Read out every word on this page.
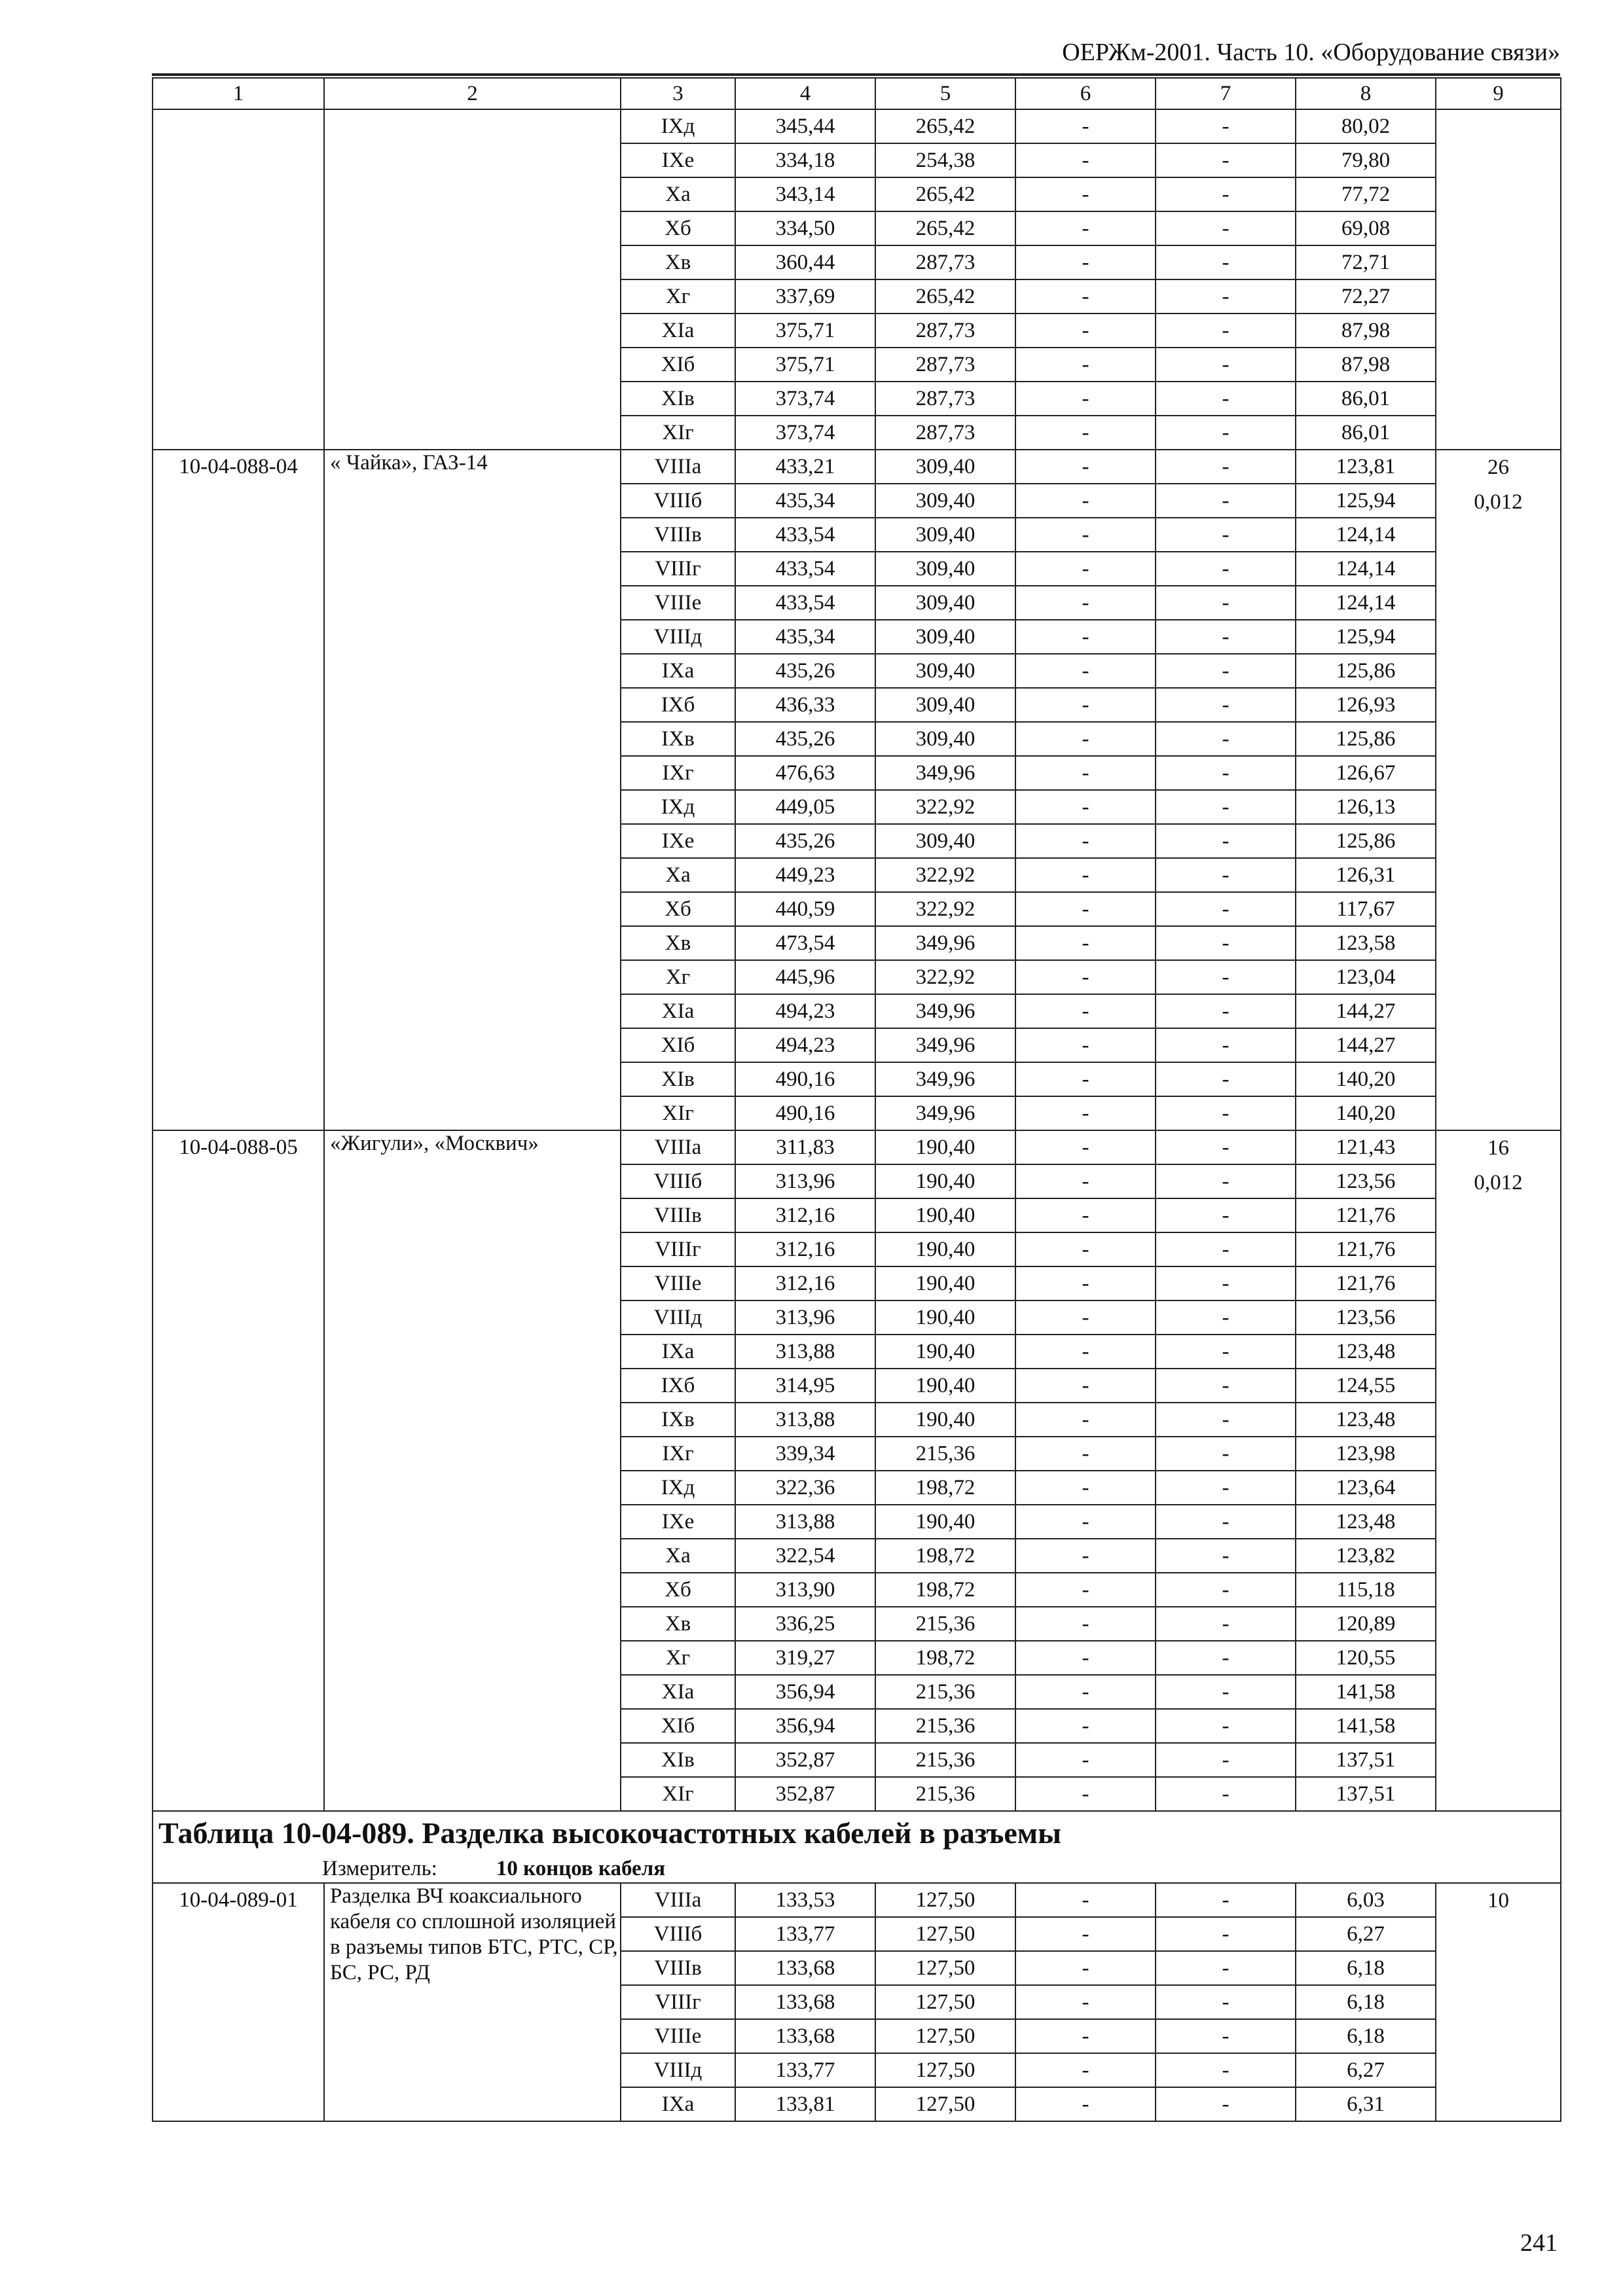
ОЕРЖм-2001. Часть 10. «Оборудование связи»
1	2	3	4	5	6	7	8	9
		IXд	345,44	265,42	-	-	80,02	
		IXе	334,18	254,38	-	-	79,80	
		Xа	343,14	265,42	-	-	77,72	
		Xб	334,50	265,42	-	-	69,08	
		Xв	360,44	287,73	-	-	72,71	
		Xг	337,69	265,42	-	-	72,27	
		XIа	375,71	287,73	-	-	87,98	
		XIб	375,71	287,73	-	-	87,98	
		XIв	373,74	287,73	-	-	86,01	
		XIг	373,74	287,73	-	-	86,01	
10-04-088-04	« Чайка», ГАЗ-14	VIIIа	433,21	309,40	-	-	123,81	26
0,012

		VIIIб	435,34	309,40	-	-	125,94	
		VIIIв	433,54	309,40	-	-	124,14	
		VIIIг	433,54	309,40	-	-	124,14	
		VIIIе	433,54	309,40	-	-	124,14	
		VIIIд	435,34	309,40	-	-	125,94	
		IXа	435,26	309,40	-	-	125,86	
		IXб	436,33	309,40	-	-	126,93	
		IXв	435,26	309,40	-	-	125,86	
		IXг	476,63	349,96	-	-	126,67	
		IXд	449,05	322,92	-	-	126,13	
		IXе	435,26	309,40	-	-	125,86	
		Xа	449,23	322,92	-	-	126,31	
		Xб	440,59	322,92	-	-	117,67	
		Xв	473,54	349,96	-	-	123,58	
		Xг	445,96	322,92	-	-	123,04	
		XIа	494,23	349,96	-	-	144,27	
		XIб	494,23	349,96	-	-	144,27	
		XIв	490,16	349,96	-	-	140,20	
		XIг	490,16	349,96	-	-	140,20	
10-04-088-05	«Жигули», «Москвич»	VIIIа	311,83	190,40	-	-	121,43	16
0,012

		VIIIб	313,96	190,40	-	-	123,56	
		VIIIв	312,16	190,40	-	-	121,76	
		VIIIг	312,16	190,40	-	-	121,76	
		VIIIе	312,16	190,40	-	-	121,76	
		VIIIд	313,96	190,40	-	-	123,56	
		IXа	313,88	190,40	-	-	123,48	
		IXб	314,95	190,40	-	-	124,55	
		IXв	313,88	190,40	-	-	123,48	
		IXг	339,34	215,36	-	-	123,98	
		IXд	322,36	198,72	-	-	123,64	
		IXе	313,88	190,40	-	-	123,48	
		Xа	322,54	198,72	-	-	123,82	
		Xб	313,90	198,72	-	-	115,18	
		Xв	336,25	215,36	-	-	120,89	
		Xг	319,27	198,72	-	-	120,55	
		XIа	356,94	215,36	-	-	141,58	
		XIб	356,94	215,36	-	-	141,58	
		XIв	352,87	215,36	-	-	137,51	
		XIг	352,87	215,36	-	-	137,51	

Таблица 10-04-089. Разделка высокочастотных кабелей в разъемы
Измеритель: 10 концов кабеля								

10-04-089-01	Разделка ВЧ коаксиального кабеля со сплошной изоляцией в разъемы типов БТС, РТС, СР, БС, РС, РД	VIIIа	133,53	127,50	-	-	6,03	10

		VIIIб	133,77	127,50	-	-	6,27	
		VIIIв	133,68	127,50	-	-	6,18	
		VIIIг	133,68	127,50	-	-	6,18	
		VIIIе	133,68	127,50	-	-	6,18	
		VIIIд	133,77	127,50	-	-	6,27	
		IXа	133,81	127,50	-	-	6,31	
241
